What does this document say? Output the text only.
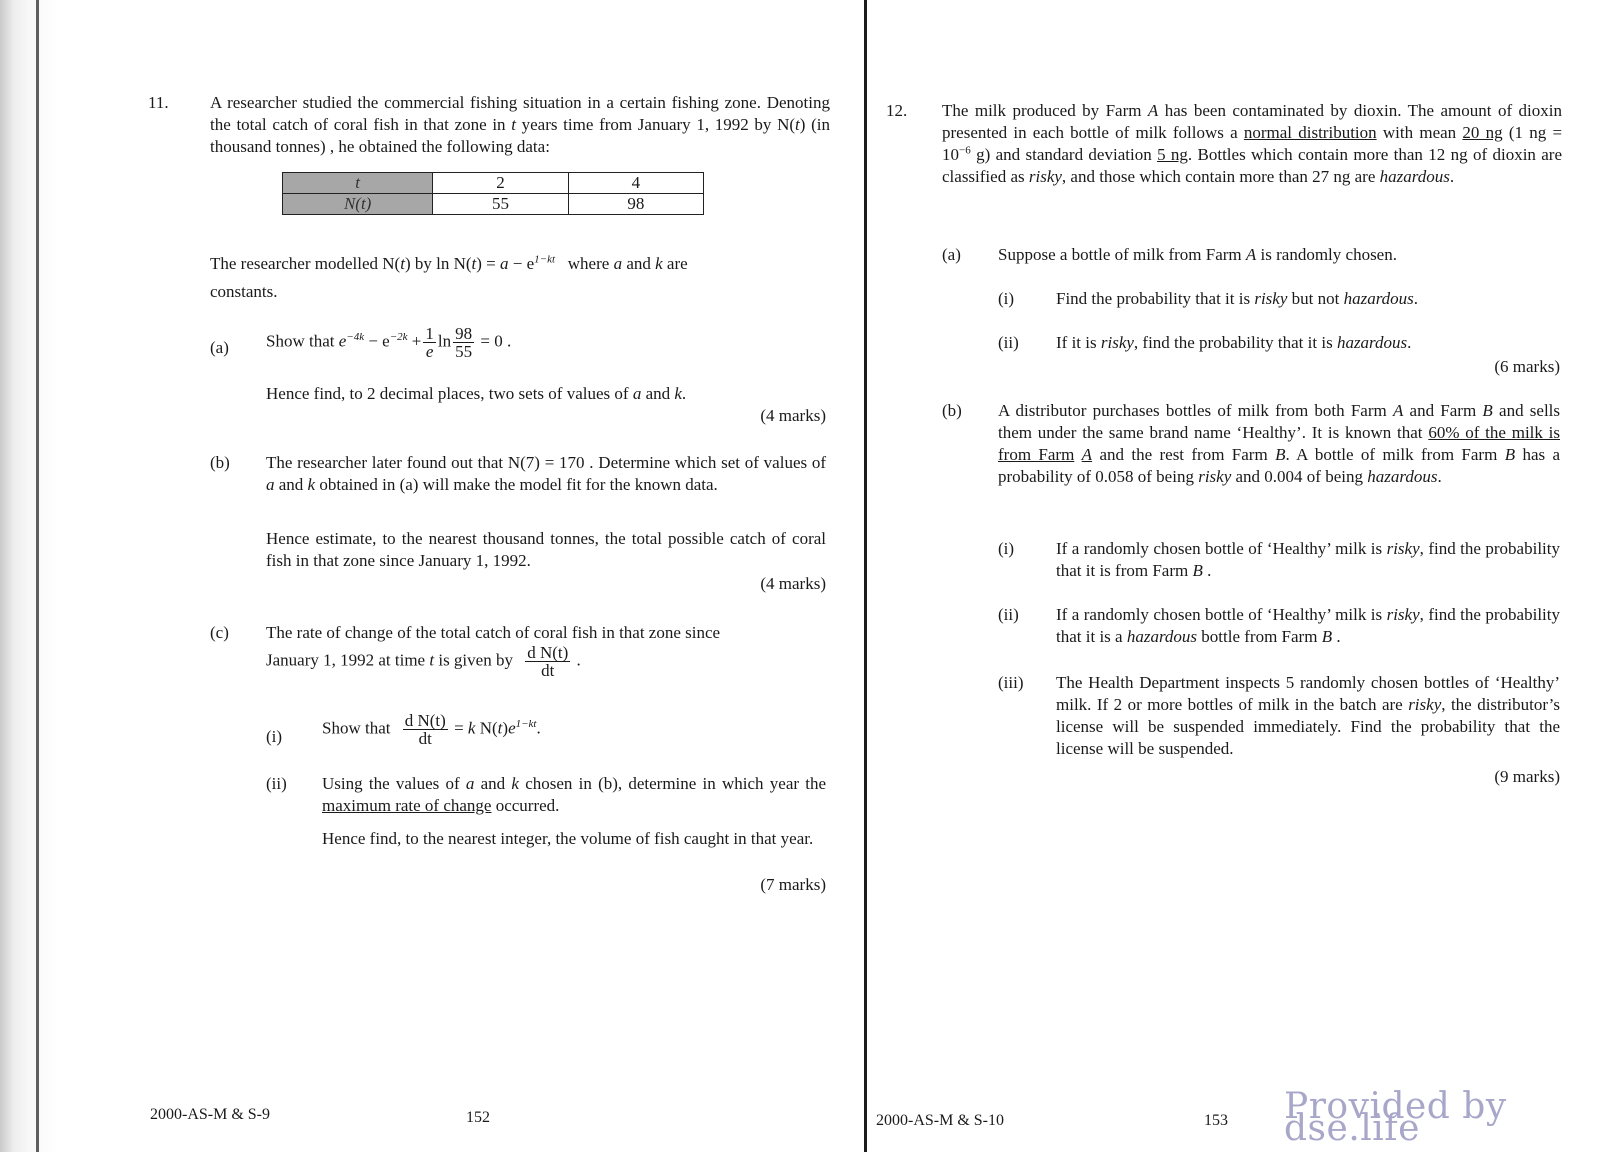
11.	A researcher studied the commercial fishing situation in a certain fishing zone. Denoting the total catch of coral fish in that zone in t years time from January 1, 1992 by N(t) (in thousand tonnes) , he obtained the following data:
t	2	4
N(t)	55	98
The researcher modelled N(t) by $\ln N(t) = a - e^{1-kt}$ where a and k are
constants.
(a) Show that $e^{-4k} - e^{-2k} + \frac{1}{e}$ $\ln \frac{98}{55} = 0$ .
Hence find, to 2 decimal places, two sets of values of a and k.
(4 marks)
(b) The researcher later found out that N(7) = 170 . Determine which set of values of a and k obtained in (a) will make the model fit for the known data.
Hence estimate, to the nearest thousand tonnes, the total possible catch of coral fish in that zone since January 1, 1992.
(4 marks)
(c) The rate of change of the total catch of coral fish in that zone since
January 1, 1992 at time t is given by $\frac{\text{d N(t)}}{dt}$ .
(i) Show that $\frac{\text{d N(t)}}{dt} = k$ $N(t)e^{1-kt}$.
(ii) Using the values of a and k chosen in (b), determine in which year the maximum rate of change occurred.
Hence find, to the nearest integer, the volume of fish caught in that year.
(7 marks)
2000-AS-M & S-9	152
12.	The milk produced by Farm A has been contaminated by dioxin. The amount of dioxin presented in each bottle of milk follows a normal distribution with mean 20 ng (1 ng = $10^{-6}$ g) and standard deviation 5 ng. Bottles which contain more than 12 ng of dioxin are classified as risky, and those which contain more than 27 ng are hazardous.
(a) Suppose a bottle of milk from Farm A is randomly chosen.
(i) Find the probability that it is risky but not hazardous.
(ii) If it is risky, find the probability that it is hazardous.
(6 marks)
(b) A distributor purchases bottles of milk from both Farm A and Farm B and sells them under the same brand name ‘Healthy’. It is known that 60% of the milk is from Farm A and the rest from Farm B. A bottle of milk from Farm B has a probability of 0.058 of being risky and 0.004 of being hazardous.
(i) If a randomly chosen bottle of ‘Healthy’ milk is risky, find the probability that it is from Farm B .
(ii) If a randomly chosen bottle of ‘Healthy’ milk is risky, find the probability that it is a hazardous bottle from Farm B .
(iii) The Health Department inspects 5 randomly chosen bottles of ‘Healthy’ milk. If 2 or more bottles of milk in the batch are risky, the distributor’s license will be suspended immediately. Find the probability that the license will be suspended.
(9 marks)
2000-AS-M & S-10	153 Provided by dse.life
